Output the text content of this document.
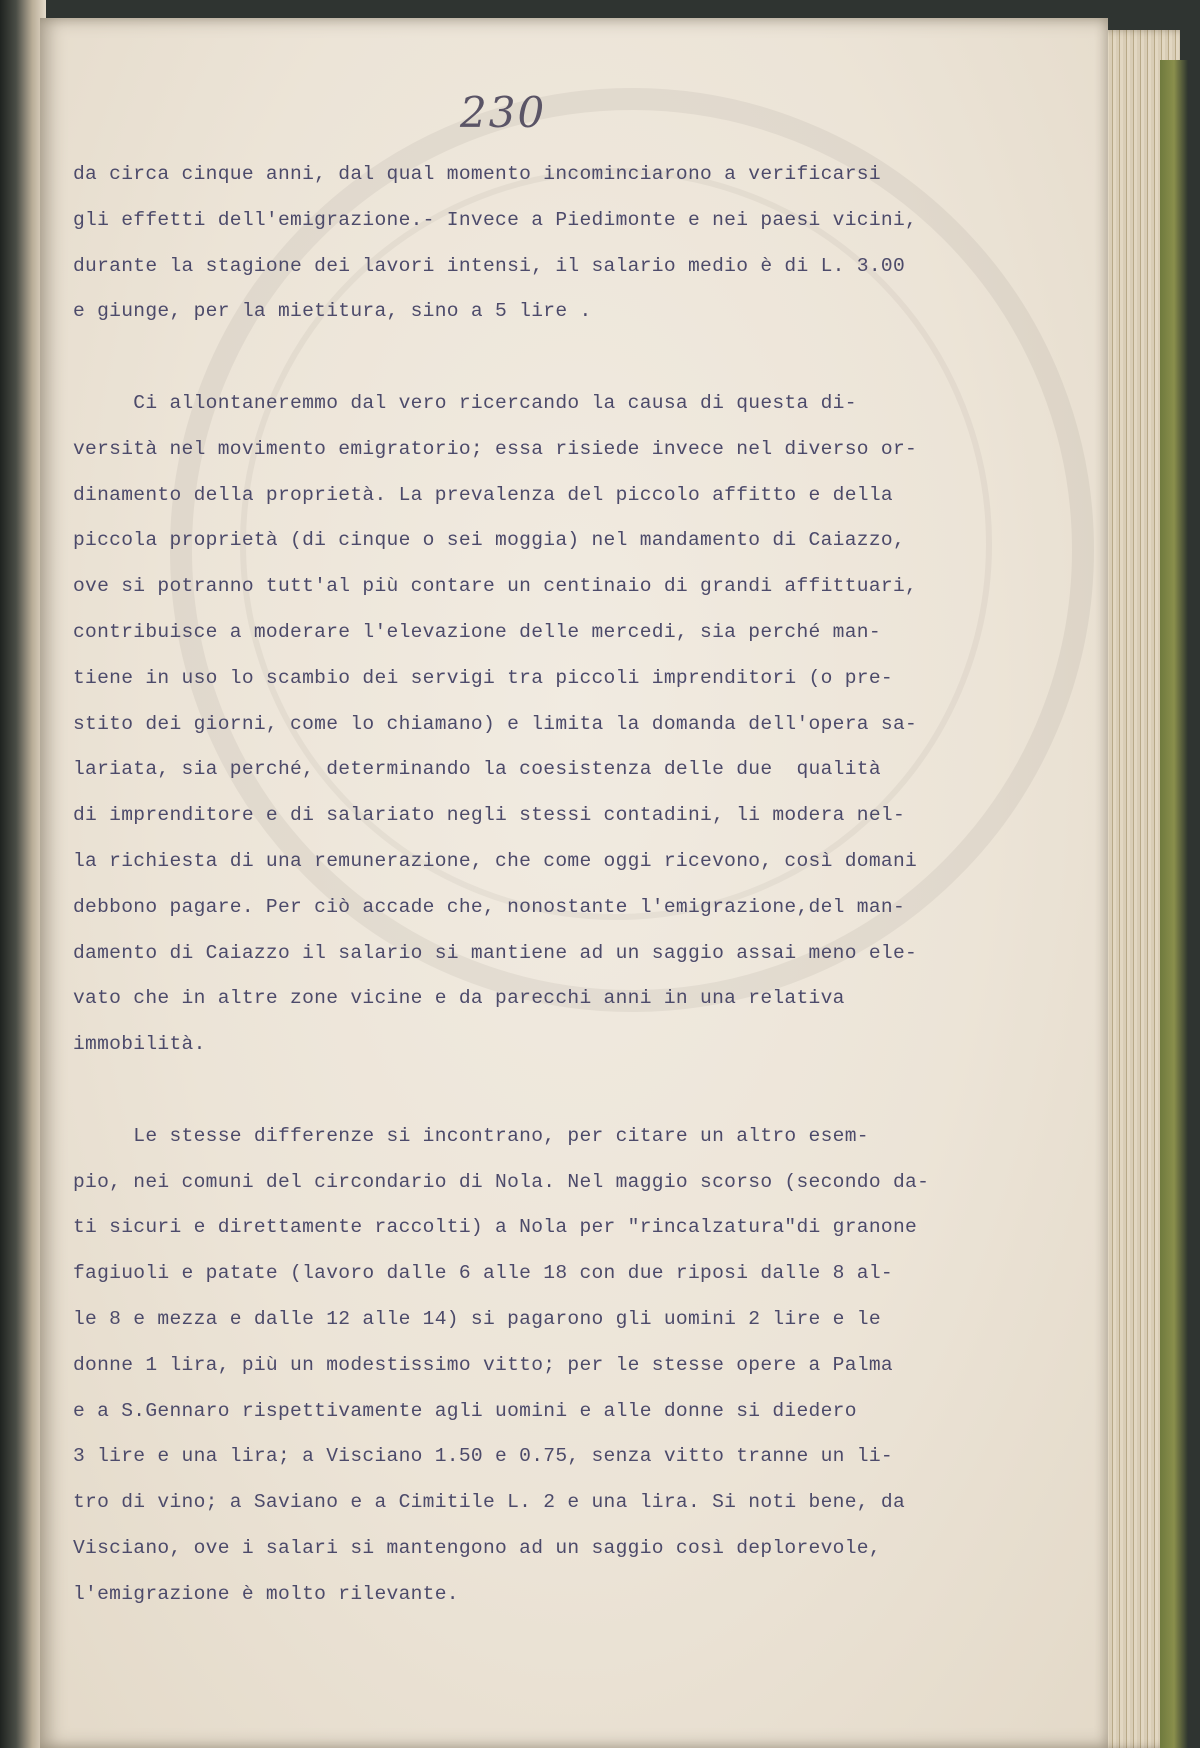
230
da circa cinque anni, dal qual momento incominciarono a verificarsi
gli effetti dell'emigrazione.- Invece a Piedimonte e nei paesi vicini,
durante la stagione dei lavori intensi, il salario medio è di L. 3.00
e giunge, per la mietitura, sino a 5 lire .
Ci allontaneremmo dal vero ricercando la causa di questa di-
versità nel movimento emigratorio; essa risiede invece nel diverso or-
dinamento della proprietà. La prevalenza del piccolo affitto e della
piccola proprietà (di cinque o sei moggia) nel mandamento di Caiazzo,
ove si potranno tutt'al più contare un centinaio di grandi affittuari,
contribuisce a moderare l'elevazione delle mercedi, sia perché man-
tiene in uso lo scambio dei servigi tra piccoli imprenditori (o pre-
stito dei giorni, come lo chiamano) e limita la domanda dell'opera sa-
lariata, sia perché, determinando la coesistenza delle due  qualità
di imprenditore e di salariato negli stessi contadini, li modera nel-
la richiesta di una remunerazione, che come oggi ricevono, così domani
debbono pagare. Per ciò accade che, nonostante l'emigrazione,del man-
damento di Caiazzo il salario si mantiene ad un saggio assai meno ele-
vato che in altre zone vicine e da parecchi anni in una relativa
immobilità.
Le stesse differenze si incontrano, per citare un altro esem-
pio, nei comuni del circondario di Nola. Nel maggio scorso (secondo da-
ti sicuri e direttamente raccolti) a Nola per "rincalzatura"di granone
fagiuoli e patate (lavoro dalle 6 alle 18 con due riposi dalle 8 al-
le 8 e mezza e dalle 12 alle 14) si pagarono gli uomini 2 lire e le
donne 1 lira, più un modestissimo vitto; per le stesse opere a Palma
e a S.Gennaro rispettivamente agli uomini e alle donne si diedero
3 lire e una lira; a Visciano 1.50 e 0.75, senza vitto tranne un li-
tro di vino; a Saviano e a Cimitile L. 2 e una lira. Si noti bene, da
Visciano, ove i salari si mantengono ad un saggio così deplorevole,
l'emigrazione è molto rilevante.
